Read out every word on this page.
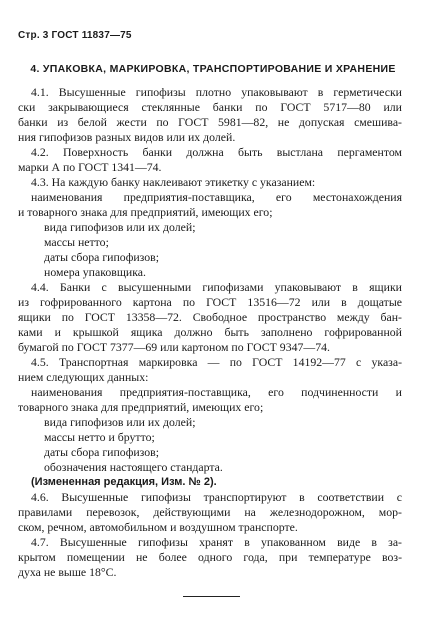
Стр. 3 ГОСТ 11837—75
4. УПАКОВКА, МАРКИРОВКА, ТРАНСПОРТИРОВАНИЕ И ХРАНЕНИЕ
4.1. Высушенные гипофизы плотно упаковывают в герметически
ски закрывающиеся стеклянные банки по ГОСТ 5717—80 или
банки из белой жести по ГОСТ 5981—82, не допуская смешива-
ния гипофизов разных видов или их долей.
4.2. Поверхность банки должна быть выстлана пергаментом
марки А по ГОСТ 1341—74.
4.3. На каждую банку наклеивают этикетку с указанием:
наименования предприятия-поставщика, его местонахождения
и товарного знака для предприятий, имеющих его;
вида гипофизов или их долей;
массы нетто;
даты сбора гипофизов;
номера упаковщика.
4.4. Банки с высушенными гипофизами упаковывают в ящики
из гофрированного картона по ГОСТ 13516—72 или в дощатые
ящики по ГОСТ 13358—72. Свободное пространство между бан-
ками и крышкой ящика должно быть заполнено гофрированной
бумагой по ГОСТ 7377—69 или картоном по ГОСТ 9347—74.
4.5. Транспортная маркировка — по ГОСТ 14192—77 с указа-
нием следующих данных:
наименования предприятия-поставщика, его подчиненности и
товарного знака для предприятий, имеющих его;
вида гипофизов или их долей;
массы нетто и брутто;
даты сбора гипофизов;
обозначения настоящего стандарта.
(Измененная редакция, Изм. № 2).
4.6. Высушенные гипофизы транспортируют в соответствии с
правилами перевозок, действующими на железнодорожном, мор-
ском, речном, автомобильном и воздушном транспорте.
4.7. Высушенные гипофизы хранят в упакованном виде в за-
крытом помещении не более одного года, при температуре воз-
духа не выше 18°С.
